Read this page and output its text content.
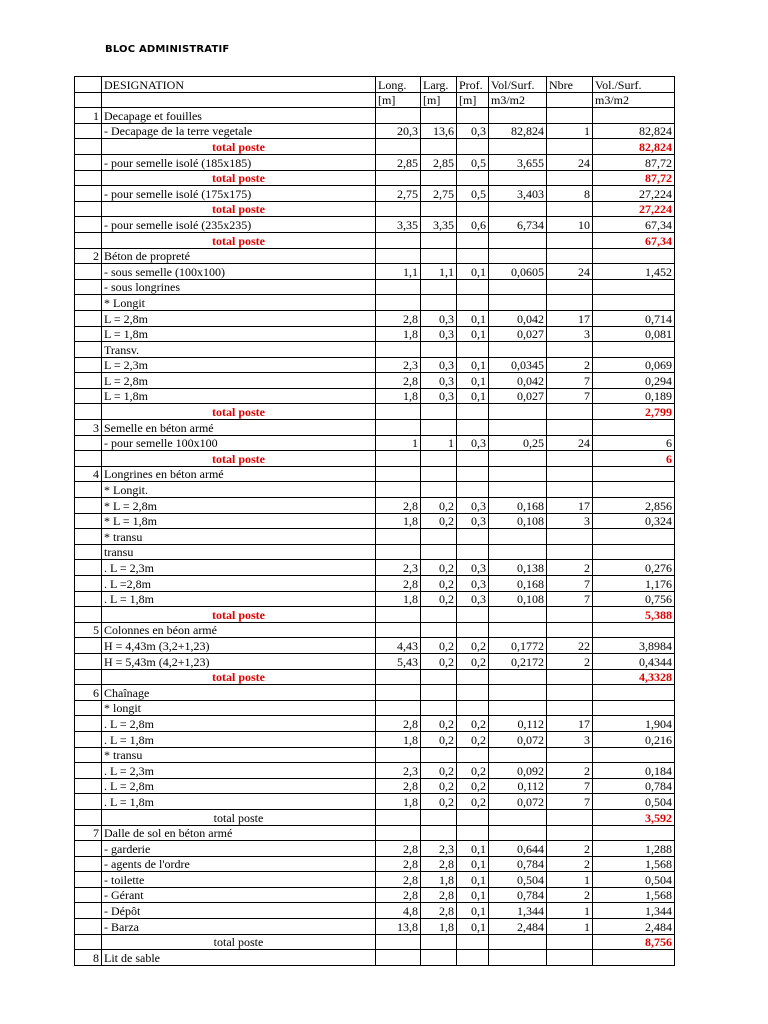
BLOC ADMINISTRATIF
	DESIGNATION	Long.	Larg.	Prof.	Vol/Surf.	Nbre	Vol./Surf.
		[m]	[m]	[m]	m3/m2		m3/m2
1	Decapage et fouilles						
	- Decapage de la terre vegetale	20,3	13,6	0,3	82,824	1	82,824
	total poste						82,824
	- pour semelle isolé (185x185)	2,85	2,85	0,5	3,655	24	87,72
	total poste						87,72
	- pour semelle isolé (175x175)	2,75	2,75	0,5	3,403	8	27,224
	total poste						27,224
	- pour semelle isolé (235x235)	3,35	3,35	0,6	6,734	10	67,34
	total poste						67,34
2	Béton de propreté						
	- sous semelle (100x100)	1,1	1,1	0,1	0,0605	24	1,452
	- sous longrines						
	* Longit						
	L = 2,8m	2,8	0,3	0,1	0,042	17	0,714
	L = 1,8m	1,8	0,3	0,1	0,027	3	0,081
	Transv.						
	L = 2,3m	2,3	0,3	0,1	0,0345	2	0,069
	L = 2,8m	2,8	0,3	0,1	0,042	7	0,294
	L = 1,8m	1,8	0,3	0,1	0,027	7	0,189
	total poste						2,799
3	Semelle en béton armé						
	- pour semelle 100x100	1	1	0,3	0,25	24	6
	total poste						6
4	Longrines en béton armé						
	* Longit.						
	* L = 2,8m	2,8	0,2	0,3	0,168	17	2,856
	* L = 1,8m	1,8	0,2	0,3	0,108	3	0,324
	* transu						
	transu						
	. L = 2,3m	2,3	0,2	0,3	0,138	2	0,276
	. L =2,8m	2,8	0,2	0,3	0,168	7	1,176
	. L = 1,8m	1,8	0,2	0,3	0,108	7	0,756
	total poste						5,388
5	Colonnes en béon armé						
	H = 4,43m (3,2+1,23)	4,43	0,2	0,2	0,1772	22	3,8984
	H = 5,43m (4,2+1,23)	5,43	0,2	0,2	0,2172	2	0,4344
	total poste						4,3328
6	Chaînage						
	* longit						
	. L = 2,8m	2,8	0,2	0,2	0,112	17	1,904
	. L = 1,8m	1,8	0,2	0,2	0,072	3	0,216
	* transu						
	. L = 2,3m	2,3	0,2	0,2	0,092	2	0,184
	. L = 2,8m	2,8	0,2	0,2	0,112	7	0,784
	. L = 1,8m	1,8	0,2	0,2	0,072	7	0,504
	total poste						3,592
7	Dalle de sol en béton armé						
	- garderie	2,8	2,3	0,1	0,644	2	1,288
	- agents de l'ordre	2,8	2,8	0,1	0,784	2	1,568
	- toilette	2,8	1,8	0,1	0,504	1	0,504
	- Gérant	2,8	2,8	0,1	0,784	2	1,568
	- Dépôt	4,8	2,8	0,1	1,344	1	1,344
	- Barza	13,8	1,8	0,1	2,484	1	2,484
	total poste						8,756
8	Lit de sable						
